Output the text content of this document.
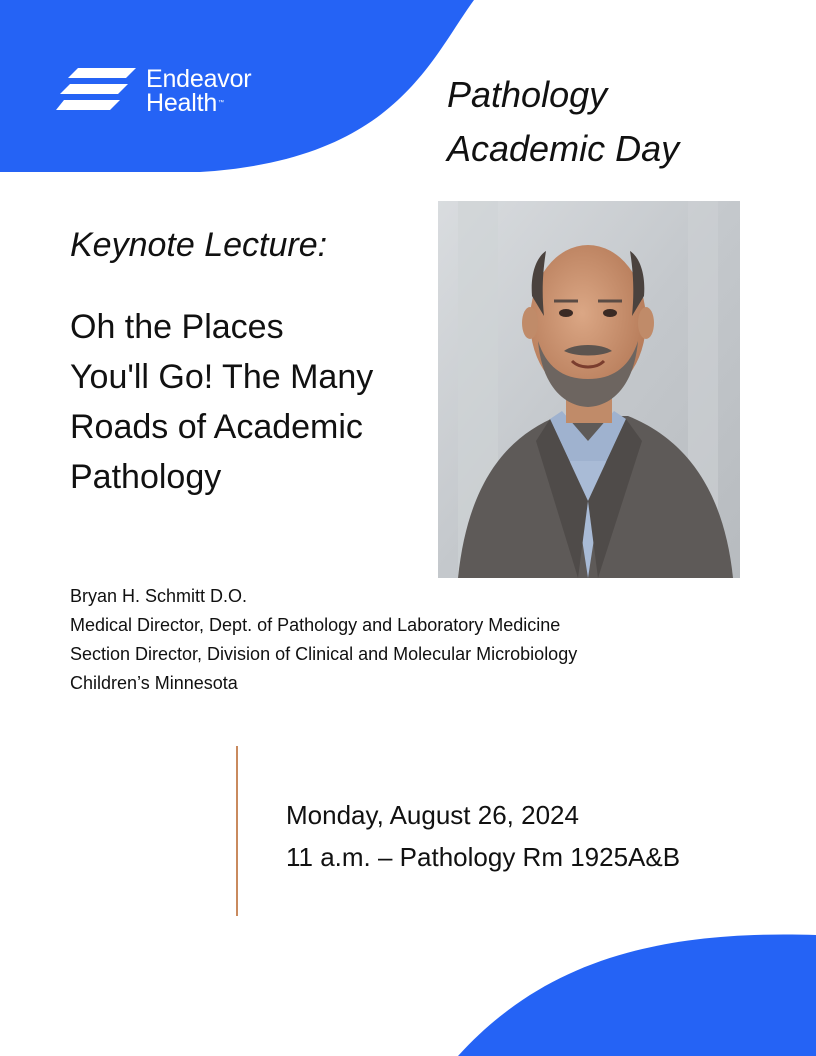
Endeavor
Health™	Pathology
Academic Day
Keynote Lecture:
Oh the Places
You'll Go! The Many
Roads of Academic
Pathology
Bryan H. Schmitt D.O.
Medical Director, Dept. of Pathology and Laboratory Medicine
Section Director, Division of Clinical and Molecular Microbiology
Children’s Minnesota
Monday, August 26, 2024
11 a.m. – Pathology Rm 1925A&B
